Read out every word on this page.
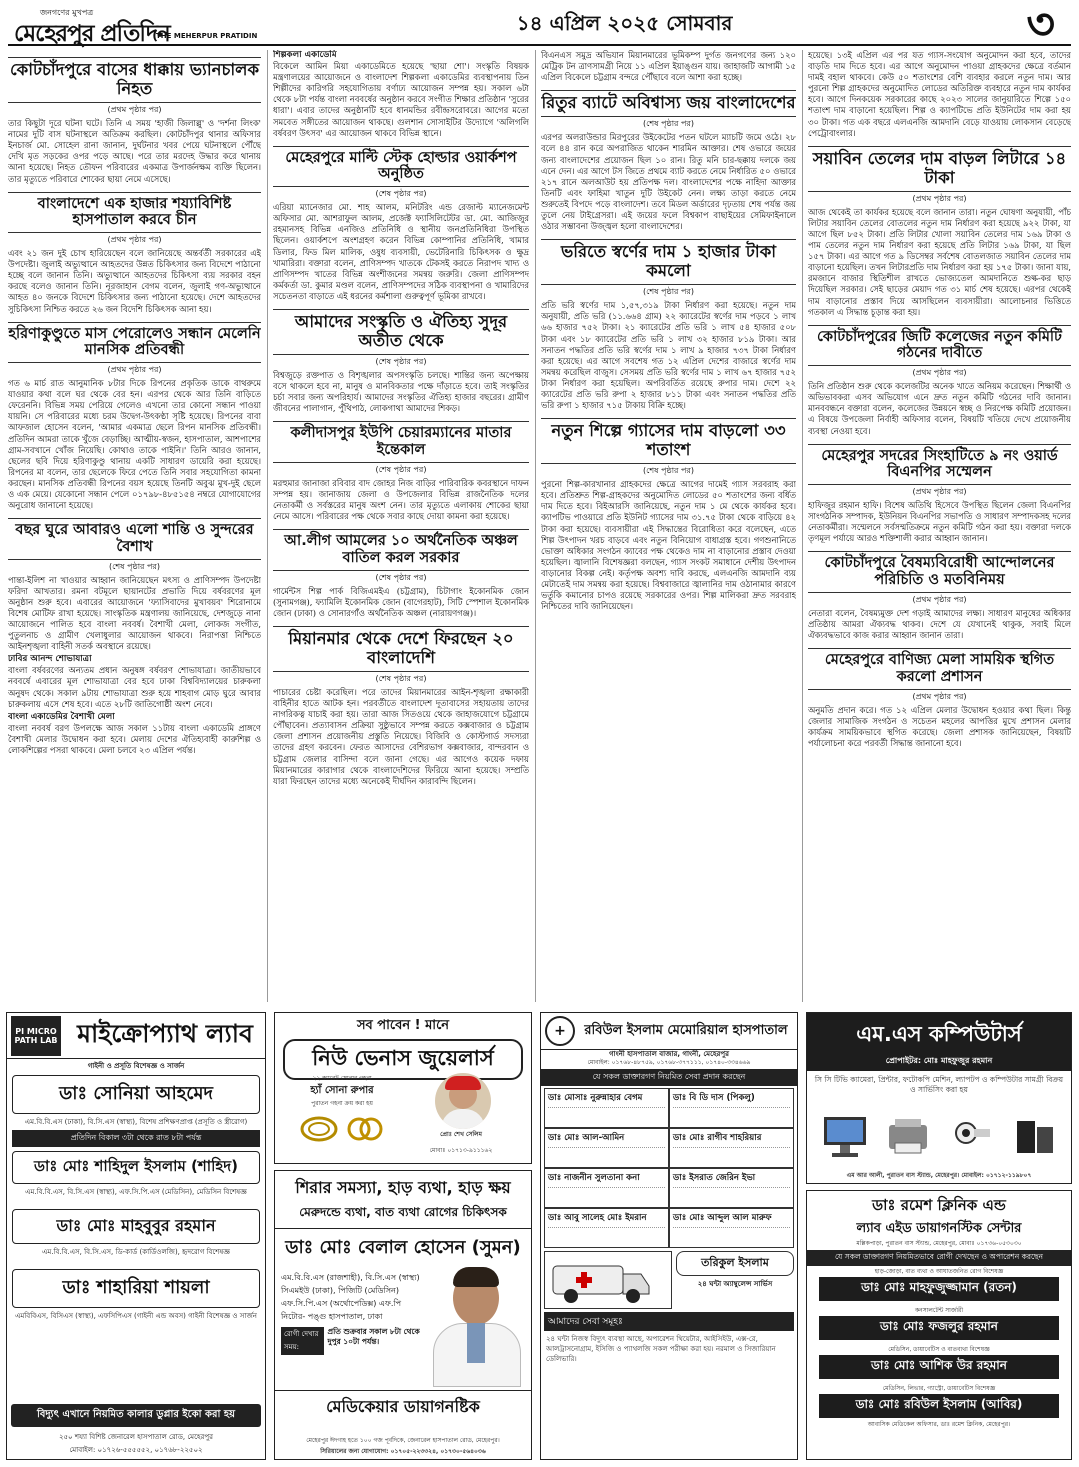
জনগণের মুখপত্র
মেহেরপুর প্রতিদিন
THE MEHERPUR PRATIDIN
১৪ এপ্রিল ২০২৫ সোমবার	৩
কোটচাঁদপুরে বাসের ধাক্কায় ভ্যানচালক নিহত
(প্রথম পৃষ্ঠার পর)

তার কিছুটা দূরে ঘটনা ঘটে। তিনি এ সময় 'হাজী জিলাল্লু' ও 'দর্শনা লিংক' নামের দুটি বাস ঘটনাস্থলে অতিক্রম করছিল। কোটচাঁদপুর থানার অফিসার ইনচার্জ মো. সোহেল রানা জানান, দুর্ঘটনার খবর পেয়ে ঘটনাস্থলে পৌঁছে দেখি মৃত সড়কের ওপর পড়ে আছে। পরে তার মরদেহ উদ্ধার করে থানায় আনা হয়েছে। নিহত তৌফন পরিবারের একমাত্র উপার্জনক্ষম ব্যক্তি ছিলেন। তার মৃত্যুতে পরিবারে শোকের ছায়া নেমে এসেছে।

বাংলাদেশে এক হাজার শয্যাবিশিষ্ট হাসপাতাল করবে চীন
(প্রথম পৃষ্ঠার পর)

এবং ২১ জন দুই চোখ হারিয়েছেন বলে জানিয়েছে অন্তর্বর্তী সরকারের এই উপদেষ্টা। জুলাই অভ্যুত্থানে আহতদের উন্নত চিকিৎসার জন্য বিদেশে পাঠানো হচ্ছে বলে জানান তিনি। অভ্যুত্থানে আহতদের চিকিৎসা ব্যয় সরকার বহন করছে বলেও জানান তিনি। নূরজাহান বেগম বলেন, জুলাই গণ-অভ্যুত্থানে আহত ৪০ জনকে বিদেশে চিকিৎসার জন্য পাঠানো হয়েছে। দেশে আহতদের সুচিকিৎসা নিশ্চিত করতে ২৬ জন বিদেশি চিকিৎসক আনা হয়।

হরিণাকুণ্ডুতে মাস পেরোলেও সন্ধান মেলেনি মানসিক প্রতিবন্ধী
(প্রথম পৃষ্ঠার পর)

গত ৬ মার্চ রাত আনুমানিক ৮টার দিকে রিপনের প্রকৃতিক ডাকে বাথরুমে যাওয়ার কথা বলে ঘর থেকে বের হন। এরপর থেকে আর তিনি বাড়িতে ফেরেননি। বিভিন্ন সময় পেরিয়ে গেলেও এখনো তার কোনো সন্ধান পাওয়া যায়নি। সে পরিবারের মধ্যে চরম উদ্বেগ-উৎকণ্ঠা সৃষ্টি হয়েছে। রিপনের বাবা আফজাল হোসেন বলেন, 'আমার একমাত্র ছেলে রিপন মানসিক প্রতিবন্ধী। প্রতিদিন আমরা তাকে খুঁজে বেড়াচ্ছি। আত্মীয়-স্বজন, হাসপাতাল, আশপাশের গ্রাম-সবখানে খোঁজ নিয়েছি। কোথাও তাকে পাইনি।' তিনি আরও জানান, ছেলের ছবি দিয়ে হরিণাকুণ্ডু থানায় একটি সাধারণ ডায়েরি করা হয়েছে। রিপনের মা বলেন, তার ছেলেকে ফিরে পেতে তিনি সবার সহযোগিতা কামনা করছেন। মানসিক প্রতিবন্ধী রিপনের বয়স হয়েছে তিনটি অবুঝ মুখ-দুই ছেলে ও এক মেয়ে। যেকোনো সন্ধান পেলে ০১৭৯৮-৪৮৫১৫৪ নম্বরে যোগাযোগের অনুরোধ জানানো হয়েছে।

বছর ঘুরে আবারও এলো শান্তি ও সুন্দরের বৈশাখ
(শেষ পৃষ্ঠার পর)

পান্তা-ইলিশ না খাওয়ার আহ্বান জানিয়েছেন মৎস্য ও প্রাণিসম্পদ উপদেষ্টা ফরিদা আখতার। রমনা বটমূলে ছায়ানটের প্রভাতি দিয়ে বর্ষবরণের মূল অনুষ্ঠান শুরু হবে। এবারের আয়োজনে 'ফ্যাসিবাদের মুখাবয়ব' শিরোনামে বিশেষ মোটিফ রাখা হয়েছে। সাংস্কৃতিক মন্ত্রণালয় জানিয়েছে, দেশজুড়ে নানা আয়োজনে পালিত হবে বাংলা নববর্ষ। বৈশাখী মেলা, লোকজ সংগীত, পুতুলনাচ ও গ্রামীণ খেলাধুলার আয়োজন থাকবে। নিরাপত্তা নিশ্চিতে আইনশৃঙ্খলা বাহিনী সতর্ক অবস্থানে রয়েছে।

ঢাবির আনন্দ শোভাযাত্রা

বাংলা বর্ষবরণের অন্যতম প্রধান অনুষঙ্গ বর্ষবরণ শোভাযাত্রা। জাতীয়ভাবে নববর্ষে এবারের মূল শোভাযাত্রা বের হবে ঢাকা বিশ্ববিদ্যালয়ের চারুকলা অনুষদ থেকে। সকাল ৯টায় শোভাযাত্রা শুরু হয়ে শাহবাগ মোড় ঘুরে আবার চারুকলায় এসে শেষ হবে। এতে ২৮টি জাতিগোষ্ঠী অংশ নেবে।

বাংলা একাডেমির বৈশাখী মেলা

বাংলা নববর্ষ বরণ উপলক্ষে আজ সকাল ১১টায় বাংলা একাডেমি প্রাঙ্গণে বৈশাখী মেলার উদ্বোধন করা হবে। মেলায় দেশের ঐতিহ্যবাহী কারুশিল্প ও লোকশিল্পের পসরা থাকবে। মেলা চলবে ২৩ এপ্রিল পর্যন্ত।

শিল্পকলা একাডেমি

বিকেলে আমিন মিয়া একাডেমিতে হয়েছে 'ছায়া শো'। সংস্কৃতি বিষয়ক মন্ত্রণালয়ের আয়োজনে ও বাংলাদেশ শিল্পকলা একাডেমির ব্যবস্থাপনায় তিন শিল্পীদের কারিগরি সহযোগিতায় বর্ণাঢ্য আয়োজন সম্পন্ন হয়। সকাল ৬টা থেকে ৮টা পর্যন্ত বাংলা নববর্ষের অনুষ্ঠান করবে সংগীত শিক্ষার প্রতিষ্ঠান 'সুরের ধারা'। এবার তাদের অনুষ্ঠানটি হবে ধানমন্ডির রবীন্দ্রসরোবরে। আগের মতো সমবেত সঙ্গীতের আয়োজন থাকছে। গুলশান সোসাইটির উদ্যোগে 'অলিগলি বর্ষবরণ উৎসব' এর আয়োজন থাকবে বিভিন্ন স্থানে।

মেহেরপুরে মাল্টি স্টেক হোল্ডার ওয়ার্কশপ অনুষ্ঠিত
(শেষ পৃষ্ঠার পর)

এরিয়া ম্যানেজার মো. শাহ আলম, মনিটরিং এন্ড রেজাল্ট ম্যানেজমেন্ট অফিসার মো. আশরাফুল আলম, প্রজেক্ট ফ্যাসিলিটেটর ডা. মো. আজিজুর রহমানসহ বিভিন্ন এনজিও প্রতিনিধি ও স্থানীয় জনপ্রতিনিধিরা উপস্থিত ছিলেন। ওয়ার্কশপে অংশগ্রহণ করেন বিভিন্ন কোম্পানির প্রতিনিধি, খামার ডিলার, ফিড মিল মালিক, ওষুধ ব্যবসায়ী, ভেটেরিনারি চিকিৎসক ও ক্ষুদ্র খামারিরা। বক্তারা বলেন, প্রাণিসম্পদ খাতকে টেকসই করতে নিরাপদ খাদ্য ও প্রাণিসম্পদ খাতের বিভিন্ন অংশীজনের সমন্বয় জরুরি। জেলা প্রাণিসম্পদ কর্মকর্তা ডা. কুমার মণ্ডল বলেন, প্রাণিসম্পদের সঠিক ব্যবস্থাপনা ও খামারিদের সচেতনতা বাড়াতে এই ধরনের কর্মশালা গুরুত্বপূর্ণ ভূমিকা রাখবে।

আমাদের সংস্কৃতি ও ঐতিহ্য সুদূর অতীত থেকে
(শেষ পৃষ্ঠার পর)

বিশ্বজুড়ে রক্তপাত ও বিশৃঙ্খলার অপসংস্কৃতি চলছে। শান্তির জন্য অপেক্ষায় বসে থাকলে হবে না, মানুষ ও মানবিকতার পক্ষে দাঁড়াতে হবে। তাই সংস্কৃতির চর্চা সবার জন্য অপরিহার্য। আমাদের সংস্কৃতির ঐতিহ্য হাজার বছরের। গ্রামীণ জীবনের পালাগান, পুঁথিপাঠ, লোকগাথা আমাদের শিকড়।

কলীদাসপুর ইউপি চেয়ারম্যানের মাতার ইন্তেকাল
(শেষ পৃষ্ঠার পর)

মরহুমার জানাজা রবিবার বাদ জোহর নিজ বাড়ির পারিবারিক কবরস্থানে দাফন সম্পন্ন হয়। জানাজায় জেলা ও উপজেলার বিভিন্ন রাজনৈতিক দলের নেতাকর্মী ও সর্বস্তরের মানুষ অংশ নেন। তার মৃত্যুতে এলাকায় শোকের ছায়া নেমে আসে। পরিবারের পক্ষ থেকে সবার কাছে দোয়া কামনা করা হয়েছে।

আ.লীগ আমলের ১০ অর্থনৈতিক অঞ্চল বাতিল করল সরকার
(শেষ পৃষ্ঠার পর)

গার্মেন্টস শিল্প পার্ক বিজিএমইএ (চট্টগ্রাম), চিটাগাং ইকোনমিক জোন (সুনামগঞ্জ), ফ্যামিলি ইকোনমিক জোন (বাগেরহাট), সিটি স্পেশাল ইকোনমিক জোন (ঢাকা) ও সোনারগাঁও অর্থনৈতিক অঞ্চল (নারায়ণগঞ্জ)।

মিয়ানমার থেকে দেশে ফিরছেন ২০ বাংলাদেশি
(শেষ পৃষ্ঠার পর)

পাচারের চেষ্টা করেছিল। পরে তাদের মিয়ানমারের আইন-শৃঙ্খলা রক্ষাকারী বাহিনীর হাতে আটক হন। পরবর্তীতে বাংলাদেশ দূতাবাসের সহায়তায় তাদের নাগরিকত্ব যাচাই করা হয়। তারা আজ সিতওয়ে থেকে জাহাজযোগে চট্টগ্রামে পৌঁছাবেন। প্রত্যাবাসন প্রক্রিয়া সুষ্ঠুভাবে সম্পন্ন করতে কক্সবাজার ও চট্টগ্রাম জেলা প্রশাসন প্রয়োজনীয় প্রস্তুতি নিয়েছে। বিজিবি ও কোস্টগার্ড সদস্যরা তাদের গ্রহণ করবেন। ফেরত আসাদের বেশিরভাগ কক্সবাজার, বান্দরবান ও চট্টগ্রাম জেলার বাসিন্দা বলে জানা গেছে। এর আগেও কয়েক দফায় মিয়ানমারের কারাগার থেকে বাংলাদেশিদের ফিরিয়ে আনা হয়েছে। সম্প্রতি যারা ফিরছেন তাদের মধ্যে অনেকেই দীর্ঘদিন কারাবন্দি ছিলেন।

বিএনএস সমুদ্র অভিযান মিয়ানমারের ভূমিকম্প দুর্গত জনগণের জন্য ১২০ মেট্রিক টন ত্রাণসামগ্রী নিয়ে ১১ এপ্রিল ইয়াঙ্গুন যায়। জাহাজটি আগামী ১৫ এপ্রিল বিকেলে চট্টগ্রাম বন্দরে পৌঁছাবে বলে আশা করা হচ্ছে।

রিতুর ব্যাটে অবিশ্বাস্য জয় বাংলাদেশের
(শেষ পৃষ্ঠার পর)

এরপর অলরাউন্ডার মিরপুরের উইকেটের পতন ঘটলে ম্যাচটি জমে ওঠে। ২৮ বলে ৪৪ রান করে অপরাজিত থাকেন শারমিন আক্তার। শেষ ওভারে জয়ের জন্য বাংলাদেশের প্রয়োজন ছিল ১০ রান। রিতু মনি চার-ছক্কায় দলকে জয় এনে দেন। এর আগে টস জিতে প্রথমে ব্যাট করতে নেমে নির্ধারিত ৫০ ওভারে ২১৭ রানে অলআউট হয় প্রতিপক্ষ দল। বাংলাদেশের পক্ষে নাহিদা আক্তার তিনটি এবং ফাহিমা খাতুন দুটি উইকেট নেন। লক্ষ্য তাড়া করতে নেমে শুরুতেই বিপদে পড়ে বাংলাদেশ। তবে মিডল অর্ডারের দৃঢ়তায় শেষ পর্যন্ত জয় তুলে নেয় টাইগ্রেসরা। এই জয়ের ফলে বিশ্বকাপ বাছাইয়ের সেমিফাইনালে ওঠার সম্ভাবনা উজ্জ্বল হলো বাংলাদেশের।

ভরিতে স্বর্ণের দাম ১ হাজার টাকা কমলো
(শেষ পৃষ্ঠার পর)

প্রতি ভরি স্বর্ণের দাম ১,৫৭,৩১৯ টাকা নির্ধারণ করা হয়েছে। নতুন দাম অনুযায়ী, প্রতি ভরি (১১.৬৬৪ গ্রাম) ২২ ক্যারেটের স্বর্ণের দাম পড়বে ১ লাখ ৬৬ হাজার ৭৫২ টাকা। ২১ ক্যারেটের প্রতি ভরি ১ লাখ ৫৪ হাজার ৫০৮ টাকা এবং ১৮ ক্যারেটের প্রতি ভরি ১ লাখ ৩২ হাজার ৮১৯ টাকা। আর সনাতন পদ্ধতির প্রতি ভরি স্বর্ণের দাম ১ লাখ ৯ হাজার ৭৩৭ টাকা নির্ধারণ করা হয়েছে। এর আগে সবশেষ গত ১২ এপ্রিল দেশের বাজারে স্বর্ণের দাম সমন্বয় করেছিল বাজুস। সেসময় প্রতি ভরি স্বর্ণের দাম ১ লাখ ৬৭ হাজার ৭৫২ টাকা নির্ধারণ করা হয়েছিল। অপরিবর্তিত রয়েছে রুপার দাম। দেশে ২২ ক্যারেটের প্রতি ভরি রুপা ২ হাজার ৮১১ টাকা এবং সনাতন পদ্ধতির প্রতি ভরি রুপা ১ হাজার ৭১৫ টাকায় বিক্রি হচ্ছে।

নতুন শিল্পে গ্যাসের দাম বাড়লো ৩৩ শতাংশ
(শেষ পৃষ্ঠার পর)

পুরনো শিল্প-কারখানার গ্রাহকদের ক্ষেত্রে আগের দামেই গ্যাস সরবরাহ করা হবে। প্রতিশ্রুত শিল্প-গ্রাহকদের অনুমোদিত লোডের ৫০ শতাংশের জন্য বর্ধিত দাম দিতে হবে। বিইআরসি জানিয়েছে, নতুন দাম ১ মে থেকে কার্যকর হবে। ক্যাপটিভ পাওয়ারে প্রতি ইউনিট গ্যাসের দাম ৩১.৭৫ টাকা থেকে বাড়িয়ে ৪২ টাকা করা হয়েছে। ব্যবসায়ীরা এই সিদ্ধান্তের বিরোধিতা করে বলেছেন, এতে শিল্প উৎপাদন খরচ বাড়বে এবং নতুন বিনিয়োগ বাধাগ্রস্ত হবে। গণশুনানিতে ভোক্তা অধিকার সংগঠন ক্যাবের পক্ষ থেকেও দাম না বাড়ানোর প্রস্তাব দেওয়া হয়েছিল। জ্বালানি বিশেষজ্ঞরা বলছেন, গ্যাস সংকট সমাধানে দেশীয় উৎপাদন বাড়ানোর বিকল্প নেই। কর্তৃপক্ষ অবশ্য দাবি করছে, এলএনজি আমদানি ব্যয় মেটাতেই দাম সমন্বয় করা হয়েছে। বিশ্ববাজারে জ্বালানির দাম ওঠানামার কারণে ভর্তুকি কমানোর চাপও রয়েছে সরকারের ওপর। শিল্প মালিকরা দ্রুত সরবরাহ নিশ্চিতের দাবি জানিয়েছেন।

হয়েছে। ১৩ই এপ্রিল এর পর যত গ্যাস-সংযোগ অনুমোদন করা হবে, তাদের বাড়তি দাম দিতে হবে। এর আগে অনুমোদন পাওয়া গ্রাহকদের ক্ষেত্রে বর্তমান দামই বহাল থাকবে। কেউ ৫০ শতাংশের বেশি ব্যবহার করলে নতুন দাম। আর পুরনো শিল্প গ্রাহকদের অনুমোদিত লোডের অতিরিক্ত ব্যবহারে নতুন দাম কার্যকর হবে। আগে দিনকয়েক সরকারের কাছে ২০২৩ সালের জানুয়ারিতে শিল্পে ১৫০ শতাংশ দাম বাড়ানো হয়েছিল। শিল্প ও ক্যাপটিভে প্রতি ইউনিটের দাম করা হয় ৩০ টাকা। গত এক বছরে এলএনজি আমদানি বেড়ে যাওয়ায় লোকসান বেড়েছে পেট্রোবাংলার।

সয়াবিন তেলের দাম বাড়ল লিটারে ১৪ টাকা
(প্রথম পৃষ্ঠার পর)

আজ থেকেই তা কার্যকর হয়েছে বলে জানান তারা। নতুন ঘোষণা অনুযায়ী, পাঁচ লিটার সয়াবিন তেলের বোতলের নতুন দাম নির্ধারণ করা হয়েছে ৯২২ টাকা, যা আগে ছিল ৮৫২ টাকা। প্রতি লিটার খোলা সয়াবিন তেলের দাম ১৬৯ টাকা ও পাম তেলের নতুন দাম নির্ধারণ করা হয়েছে প্রতি লিটার ১৬৯ টাকা, যা ছিল ১৫৭ টাকা। এর আগে গত ৯ ডিসেম্বর সর্বশেষ বোতলজাত সয়াবিন তেলের দাম বাড়ানো হয়েছিল। তখন লিটারপ্রতি দাম নির্ধারণ করা হয় ১৭৫ টাকা। জানা যায়, রমজানে বাজার স্থিতিশীল রাখতে ভোজ্যতেল আমদানিতে শুল্ক-কর ছাড় দিয়েছিল সরকার। সেই ছাড়ের মেয়াদ গত ৩১ মার্চ শেষ হয়েছে। এরপর থেকেই দাম বাড়ানোর প্রস্তাব দিয়ে আসছিলেন ব্যবসায়ীরা। আলোচনার ভিত্তিতে গতকাল এ সিদ্ধান্ত চূড়ান্ত করা হয়।

কোটচাঁদপুরের জিটি কলেজের নতুন কমিটি গঠনের দাবীতে
(প্রথম পৃষ্ঠার পর)

তিনি প্রতিষ্ঠান শুরু থেকে কলেজটির অনেক খাতে অনিয়ম করেছেন। শিক্ষার্থী ও অভিভাবকরা এসব অভিযোগ এনে দ্রুত নতুন কমিটি গঠনের দাবি জানান। মানববন্ধনে বক্তারা বলেন, কলেজের উন্নয়নে স্বচ্ছ ও নিরপেক্ষ কমিটি প্রয়োজন। এ বিষয়ে উপজেলা নির্বাহী অফিসার বলেন, বিষয়টি খতিয়ে দেখে প্রয়োজনীয় ব্যবস্থা নেওয়া হবে।

মেহেরপুর সদরের সিংহাটিতে ৯ নং ওয়ার্ড বিএনপির সম্মেলন
(প্রথম পৃষ্ঠার পর)

হাফিজুর রহমান হাফি। বিশেষ অতিথি হিসেবে উপস্থিত ছিলেন জেলা বিএনপির সাংগঠনিক সম্পাদক, ইউনিয়ন বিএনপির সভাপতি ও সাধারণ সম্পাদকসহ দলের নেতাকর্মীরা। সম্মেলনে সর্বসম্মতিক্রমে নতুন কমিটি গঠন করা হয়। বক্তারা দলকে তৃণমূল পর্যায়ে আরও শক্তিশালী করার আহ্বান জানান।

কোটচাঁদপুরে বৈষম্যবিরোধী আন্দোলনের পরিচিতি ও মতবিনিময়
(প্রথম পৃষ্ঠার পর)

নেতারা বলেন, বৈষম্যমুক্ত দেশ গড়াই আমাদের লক্ষ্য। সাধারণ মানুষের অধিকার প্রতিষ্ঠায় আমরা ঐক্যবদ্ধ থাকব। দেশে যে যেখানেই থাকুক, সবাই মিলে ঐক্যবদ্ধভাবে কাজ করার আহ্বান জানান তারা।

মেহেরপুরে বাণিজ্য মেলা সাময়িক স্থগিত করলো প্রশাসন
(প্রথম পৃষ্ঠার পর)

অনুমতি প্রদান করে। গত ১২ এপ্রিল মেলার উদ্বোধন হওয়ার কথা ছিল। কিন্তু জেলার সামাজিক সংগঠন ও সচেতন মহলের আপত্তির মুখে প্রশাসন মেলার কার্যক্রম সাময়িকভাবে স্থগিত করেছে। জেলা প্রশাসক জানিয়েছেন, বিষয়টি পর্যালোচনা করে পরবর্তী সিদ্ধান্ত জানানো হবে।

PI MICRO PATH LAB মাইক্রোপ্যাথ ল্যাব
গাইনী ও প্রসূতি বিশেষজ্ঞ ও সার্জন
ডাঃ সোনিয়া আহমেদ
এম.বি.বি.এস (ঢাকা), বি.সি.এস (স্বাস্থ্য), বিশেষ প্রশিক্ষণপ্রাপ্ত (প্রসূতি ও স্ত্রীরোগ)
প্রতিদিন বিকাল ৩টা থেকে রাত ৮টা পর্যন্ত
ডাঃ মোঃ শাহিদুল ইসলাম (শাহিদ)
এম.বি.বি.এস, বি.সি.এস (স্বাস্থ্য), এফ.সি.পি.এস (মেডিসিন), মেডিসিন বিশেষজ্ঞ
ডাঃ মোঃ মাহবুবুর রহমান
এম.বি.বি.এস, বি.সি.এস, ডি-কার্ড (কার্ডিওলজি), হৃদরোগ বিশেষজ্ঞ
ডাঃ শাহারিয়া শায়লা
এমবিবিএস, বিসিএস (স্বাস্থ্য), এফসিপিএস (গাইনী এন্ড অবস) গাইনী বিশেষজ্ঞ ও সার্জন
বিদ্যুৎ এখানে নিয়মিত কালার ডুপ্লার ইকো করা হয়
২৫০ শয্যা বিশিষ্ট জেনারেল হাসপাতাল রোড, মেহেরপুর
মোবাইল: ০১৭২৬-৫৫৫৫৫২, ০১৭৬৮-২২৫০২
সব পাবেন ! মানে
নিউ ভেনাস জুয়েলার্স
২২ ক্যারেট সোনার গহনা
হ্যাঁ সোনা রুপার
পুরাতন গহনা ক্রয় করা হয়
প্রোঃ শেখ সেলিম
মোবাঃ ০১৭১৩-৯১১১৬২
শিরার সমস্যা, হাড় ব্যথা, হাড় ক্ষয়
মেরুদন্ডে ব্যথা, বাত ব্যথা রোগের চিকিৎসক
ডাঃ মোঃ বেলাল হোসেন (সুমন)
এম.বি.বি.এস (রাজশাহী), বি.সি.এস (স্বাস্থ্য)
সিএমইউ (ঢাকা), পিজিটি (মেডিসিন)
এফ.সি.পি.এস (অর্থোপেডিক্স) এফ.পি
নিটোর- পঙ্গু হাসপাতাল, ঢাকা
রোগী দেখার সময়:
প্রতি শুক্রবার সকাল ৮টা থেকে দুপুর ১০টা পর্যন্ত।
মেডিকেয়ার ডায়াগনষ্টিক
মেহেরপুর ঈদগাহ হতে ১০০ গজ পূর্বদিকে, জেনারেল হাসপাতাল রোড, মেহেরপুর।
সিরিয়ালের জন্য যোগাযোগ: ০১৭০৫-২২৩৩২৪, ০১৭৩০-৫৬৪০৩৬
+	রবিউল ইসলাম মেমোরিয়াল হাসপাতাল
গাংনী হাসপাতাল বাজার, গাংনী, মেহেরপুর
মোবাইল: ০১৭৬৮-৪৮৭৫৯, ০১৭৬৮-৩৭৭১১১, ০১৭৪০-৩৩৪৬৬৯
যে সকল ডাক্তারগণ নিয়মিত সেবা প্রদান করছেন
ডাঃ মোসাঃ নুরুন্নাহার বেগম	ডাঃ বি ডি দাস (পিকলু)
ডাঃ মোঃ আল-আমিন	ডাঃ মোঃ রাগীব শাহরিয়ার
ডাঃ নাজনীন সুলতানা কনা	ডাঃ ইসরাত জেরিন ইভা
ডাঃ আবু সালেহ মোঃ ইমরান	ডাঃ মোঃ আব্দুল আল মারুফ
তরিকুল ইসলাম
২৪ ঘন্টা অ্যাম্বুলেন্স সার্ভিস
আমাদের সেবা সমূহঃ
২৪ ঘন্টা নিজস্ব বিদ্যুৎ ব্যবস্থা আছে, অপারেশন থিয়েটার, আইসিইউ, এক্স-রে, আলট্রাসনোগ্রাম, ইসিজি ও প্যাথলজি সকল পরীক্ষা করা হয়। নরমাল ও সিজারিয়ান ডেলিভারি।
এম.এস কম্পিউটার্স
প্রোপাইটর: মোঃ মাহফুজুর রহমান
সি সি টিভি ক্যামেরা, প্রিন্টার, ফটোকপি মেশিন, ল্যাপটপ ও কম্পিউটার সামগ্রী বিক্রয় ও সার্ভিসিং করা হয়
এম আর আলী, পুরাতন বাস স্ট্যান্ড, মেহেরপুর। মোবাইল: ০১৭১২-১১৯৮০৭
ডাঃ রমেশ ক্লিনিক এন্ড
ল্যাব এইড ডায়াগনস্টিক সেন্টার
মল্লিকপাড়া, পুরাতন বাস স্ট্যান্ড, মেহেরপুর, মোবাঃ ০১৭৩৬-০৫৩০৩০
যে সকল ডাক্তারগণ নিয়মিতভাবে রোগী দেখছেন ও অপারেশন করছেন
হাড়-জোড়া, বাত ব্যথা ও আঘাতজনিত রোগ বিশেষজ্ঞ
ডাঃ মোঃ মাহফুজুজ্জামান (রতন)
কনসালটেন্ট সার্জারী
ডাঃ মোঃ ফজলুর রহমান
মেডিসিন, ডায়াবেটিস ও বাতব্যথা বিশেষজ্ঞ
ডাঃ মোঃ আশিক উর রহমান
মেডিসিন, লিভার, গ্যাস্ট্রো, ডায়াবেটিস বিশেষজ্ঞ
ডাঃ মোঃ রবিউল ইসলাম (আবির)
আবাসিক মেডিকেল অফিসার, ডাঃ রমেশ ক্লিনিক, মেহেরপুর।
